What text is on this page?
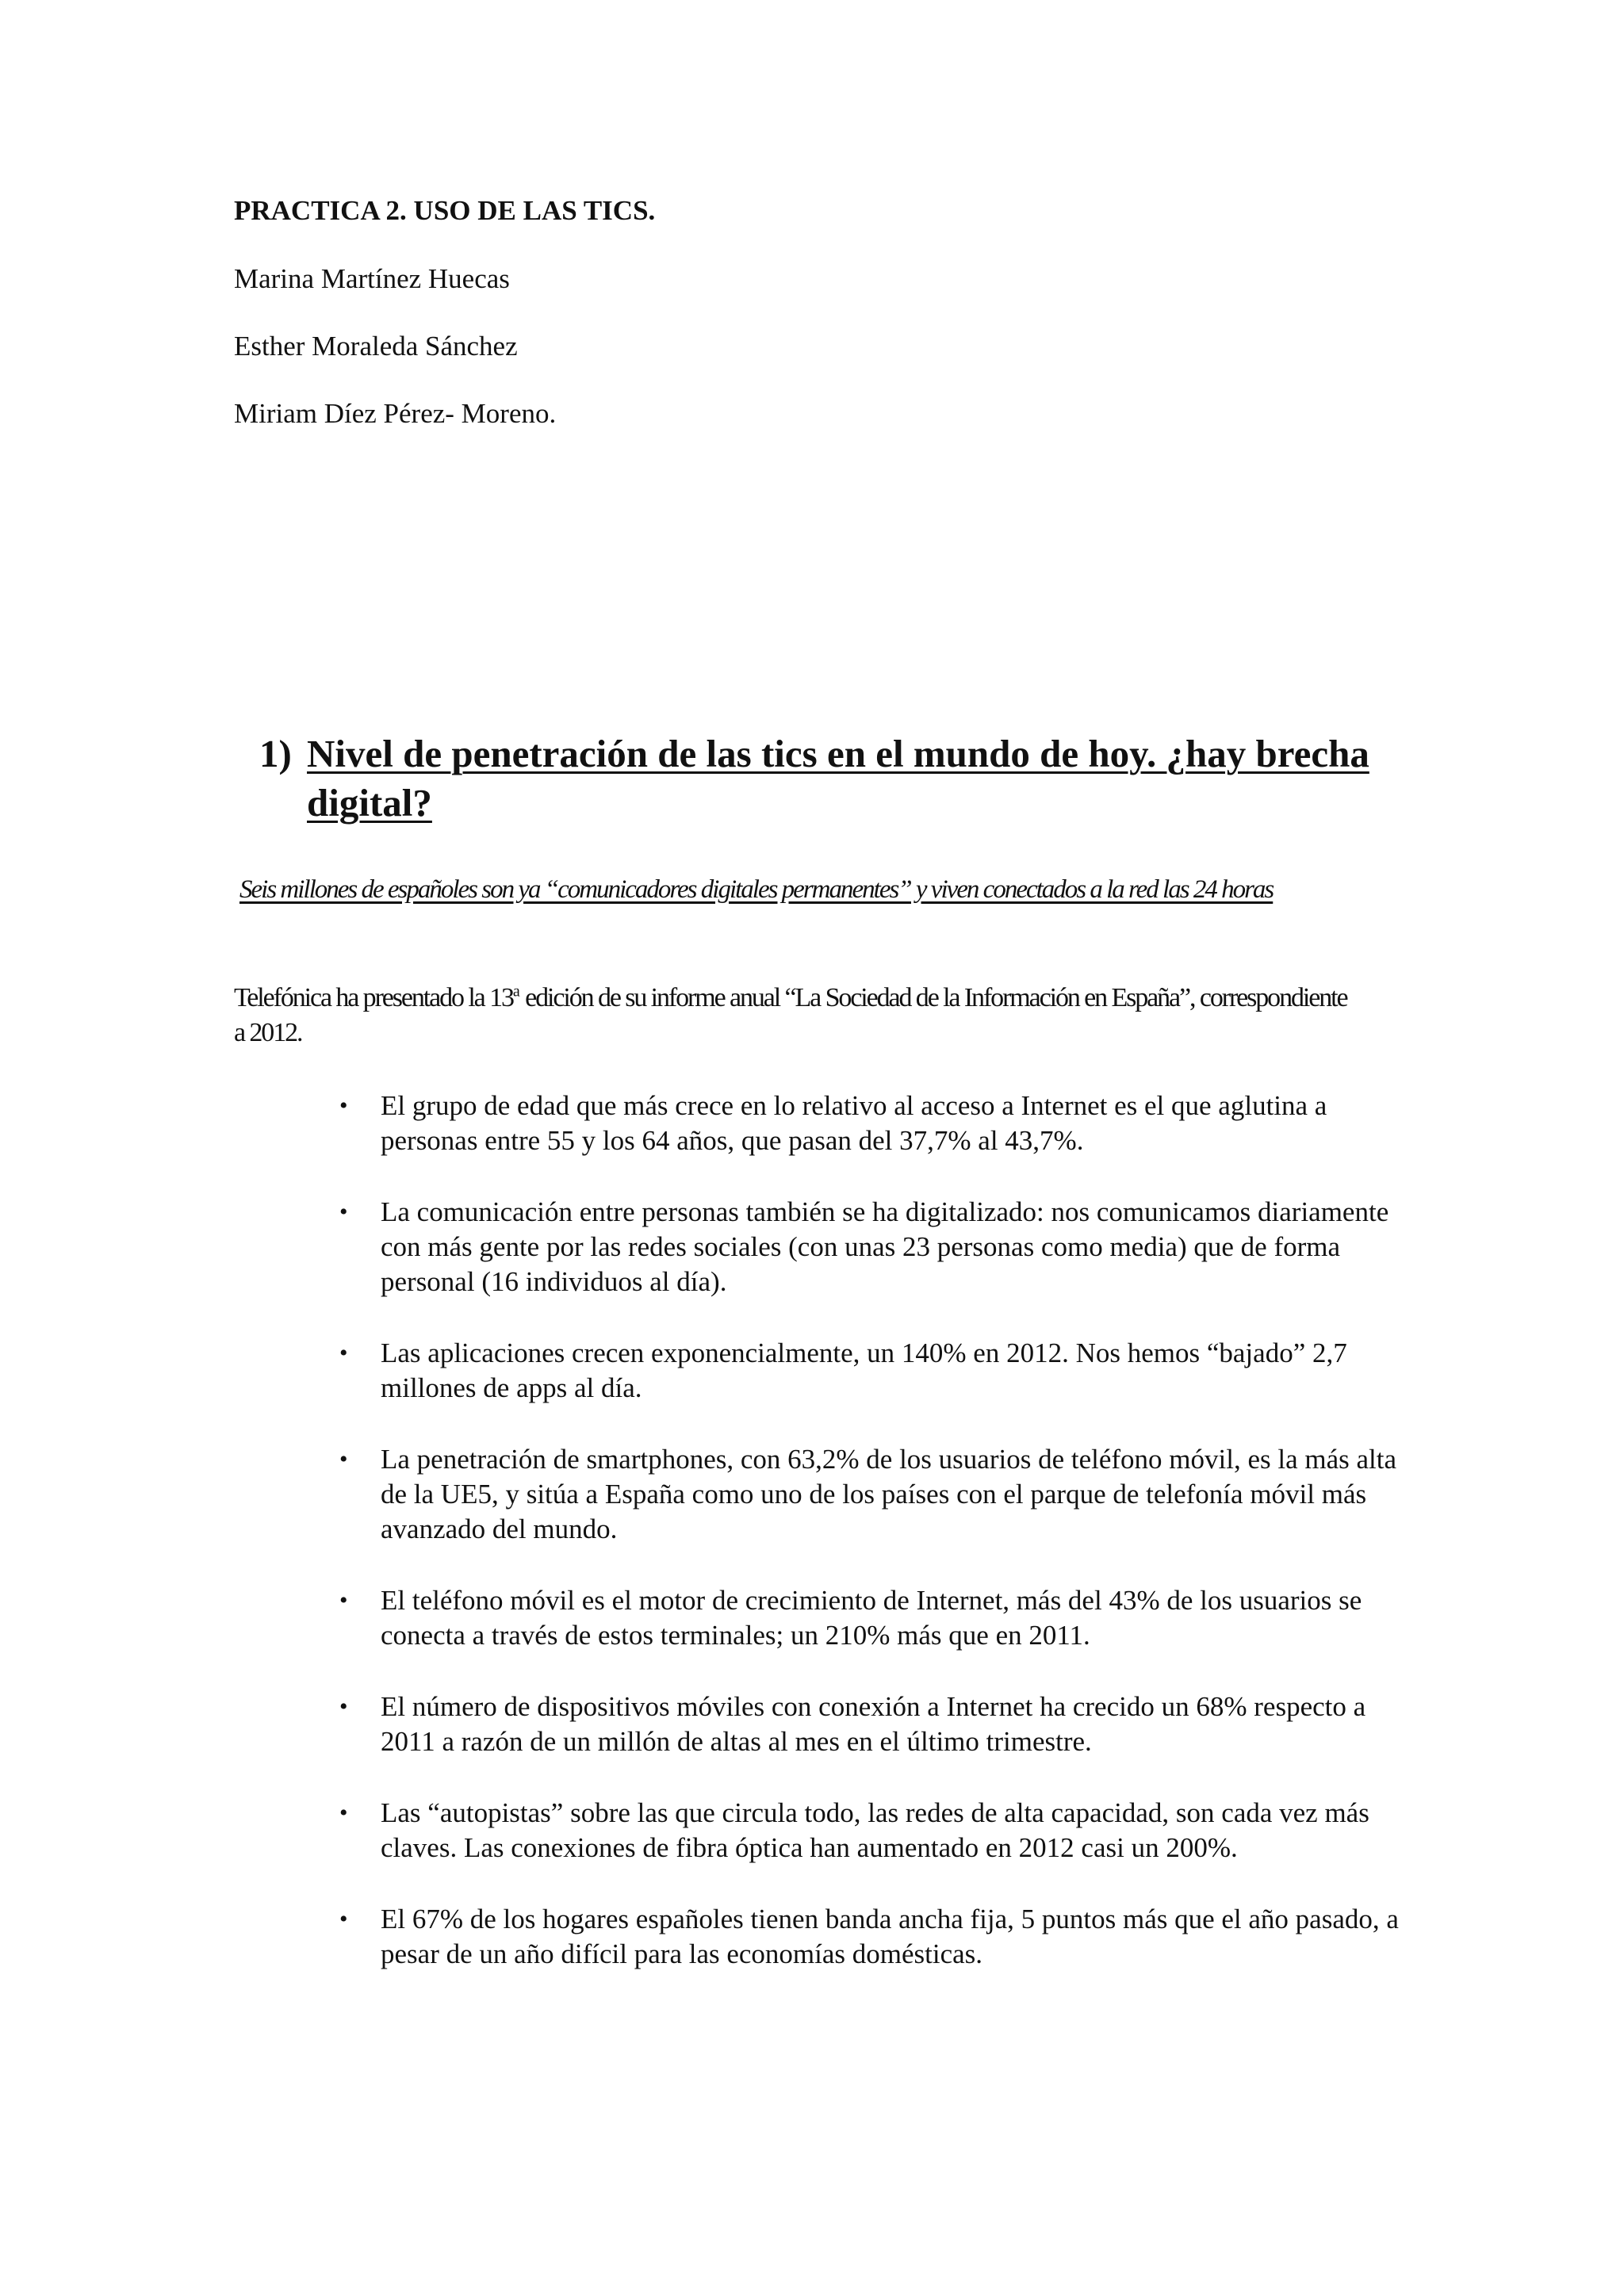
PRACTICA 2. USO DE LAS TICS.
Marina Martínez Huecas
Esther Moraleda Sánchez
Miriam Díez Pérez- Moreno.
1) Nivel de penetración de las tics en el mundo de hoy. ¿hay brecha digital?
Seis millones de españoles son ya “comunicadores digitales permanentes” y viven conectados a la red las 24 horas
Telefónica ha presentado la 13$^a$ edición de su informe anual “La Sociedad de la Información en España”, correspondiente a 2012.
• El grupo de edad que más crece en lo relativo al acceso a Internet es el que aglutina a personas entre 55 y los 64 años, que pasan del 37,7% al 43,7%.
• La comunicación entre personas también se ha digitalizado: nos comunicamos diariamente con más gente por las redes sociales (con unas 23 personas como media) que de forma personal (16 individuos al día).
• Las aplicaciones crecen exponencialmente, un 140% en 2012. Nos hemos “bajado” 2,7 millones de apps al día.
• La penetración de smartphones, con 63,2% de los usuarios de teléfono móvil, es la más alta de la UE5, y sitúa a España como uno de los países con el parque de telefonía móvil más avanzado del mundo.
• El teléfono móvil es el motor de crecimiento de Internet, más del 43% de los usuarios se conecta a través de estos terminales; un 210% más que en 2011.
• El número de dispositivos móviles con conexión a Internet ha crecido un 68% respecto a 2011 a razón de un millón de altas al mes en el último trimestre.
• Las “autopistas” sobre las que circula todo, las redes de alta capacidad, son cada vez más claves. Las conexiones de fibra óptica han aumentado en 2012 casi un 200%.
• El 67% de los hogares españoles tienen banda ancha fija, 5 puntos más que el año pasado, a pesar de un año difícil para las economías domésticas.
